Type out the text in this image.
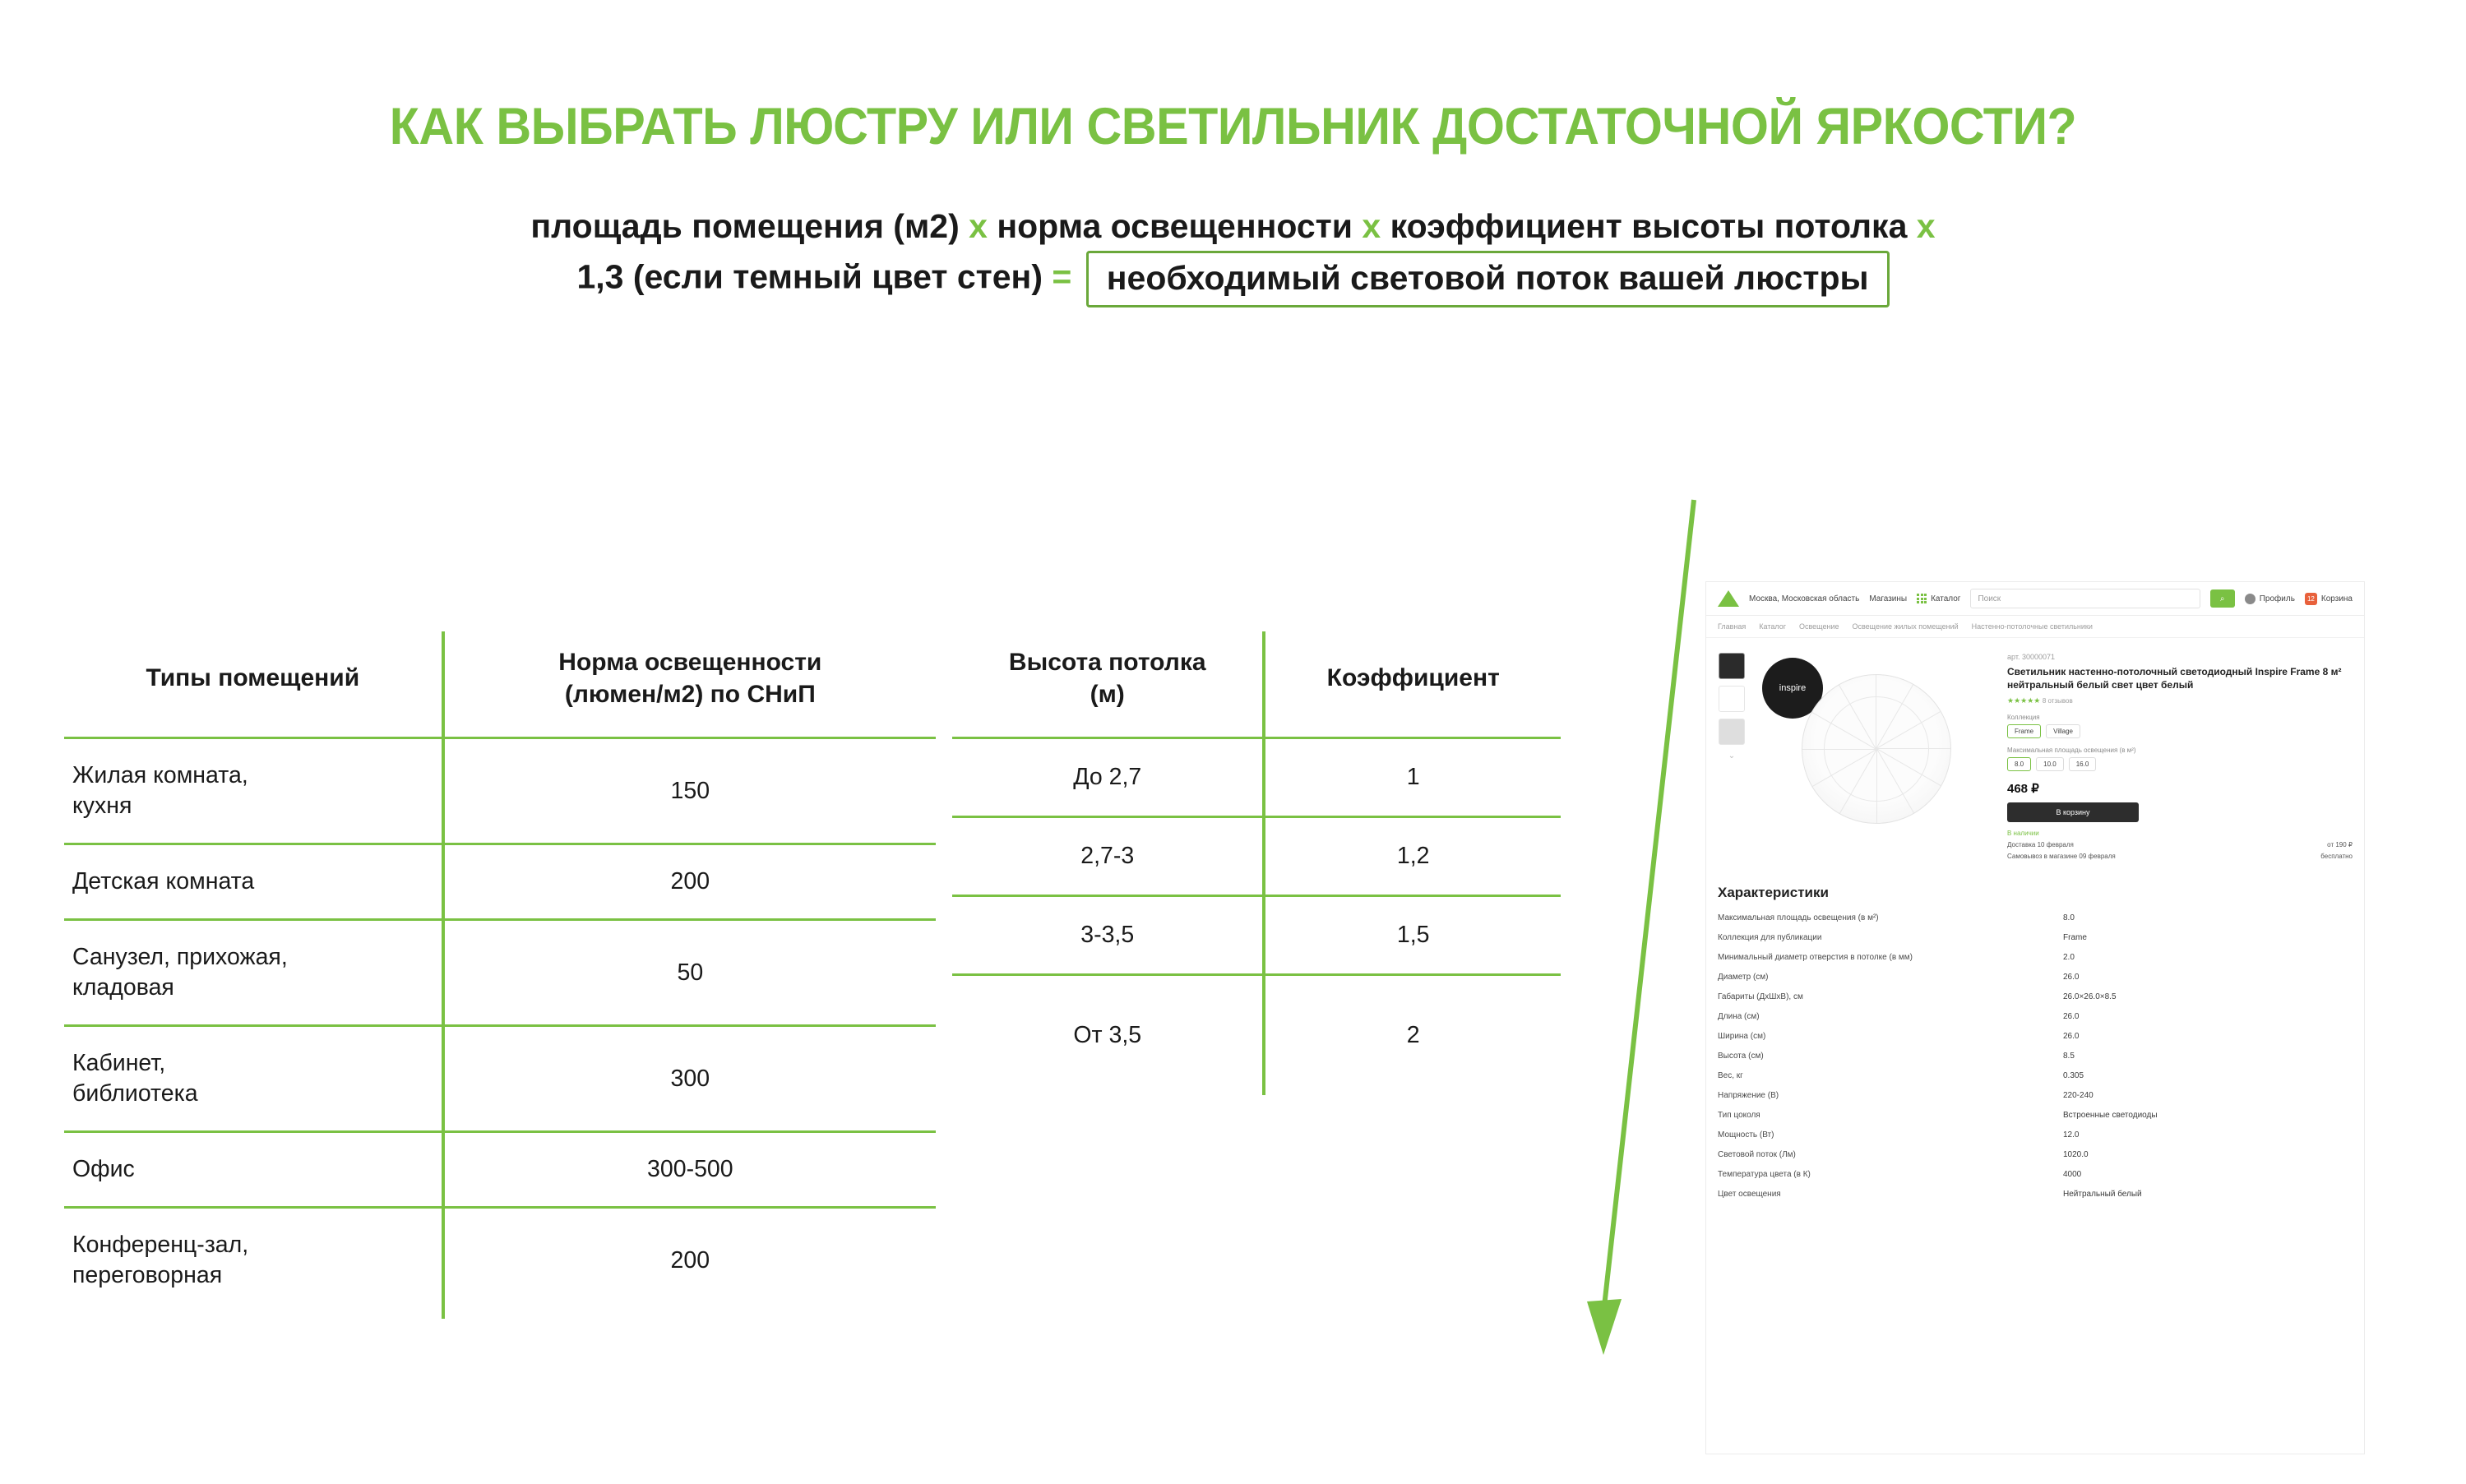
КАК ВЫБРАТЬ ЛЮСТРУ ИЛИ СВЕТИЛЬНИК ДОСТАТОЧНОЙ ЯРКОСТИ?
площадь помещения (м2) х норма освещенности х коэффициент высоты потолка х
1,3 (если темный цвет стен) = необходимый световой поток вашей люстры
Типы помещений	Норма освещенности
(люмен/м2) по СНиП

Жилая комната,
кухня	150
Детская комната	200

Санузел, прихожая,
кладовая	50

Кабинет,
библиотека	300
Офис	300-500

Конференц-зал,
переговорная	200
Высота потолка
(м)	Коэффициент
До 2,7	1
2,7-3	1,2
3-3,5	1,5
От 3,5	2
Москва, Московская область Магазины	Каталог Поиск	⌕	Профиль	12 Корзина
Главная Каталог Освещение Освещение жилых помещений Настенно-потолочные светильники
⌄
inspire
арт. 30000071
Светильник настенно-потолочный светодиодный Inspire Frame 8 м² нейтральный белый свет цвет белый
★★★★★ 8 отзывов
Коллекция
Frame	Village
Максимальная площадь освещения (в м²)
8.0	10.0	16.0
468 ₽
В корзину
В наличии
Доставка 10 февраля	от 190 ₽
Самовывоз в магазине 09 февраля	бесплатно
Характеристики
Максимальная площадь освещения (в м²)	8.0
Коллекция для публикации	Frame
Минимальный диаметр отверстия в потолке (в мм)	2.0
Диаметр (см)	26.0
Габариты (ДхШхВ), см	26.0×26.0×8.5
Длина (см)	26.0
Ширина (см)	26.0
Высота (см)	8.5
Вес, кг	0.305
Напряжение (В)	220-240
Тип цоколя	Встроенные светодиоды
Мощность (Вт)	12.0
Световой поток (Лм)	1020.0
Температура цвета (в К)	4000
Цвет освещения	Нейтральный белый
